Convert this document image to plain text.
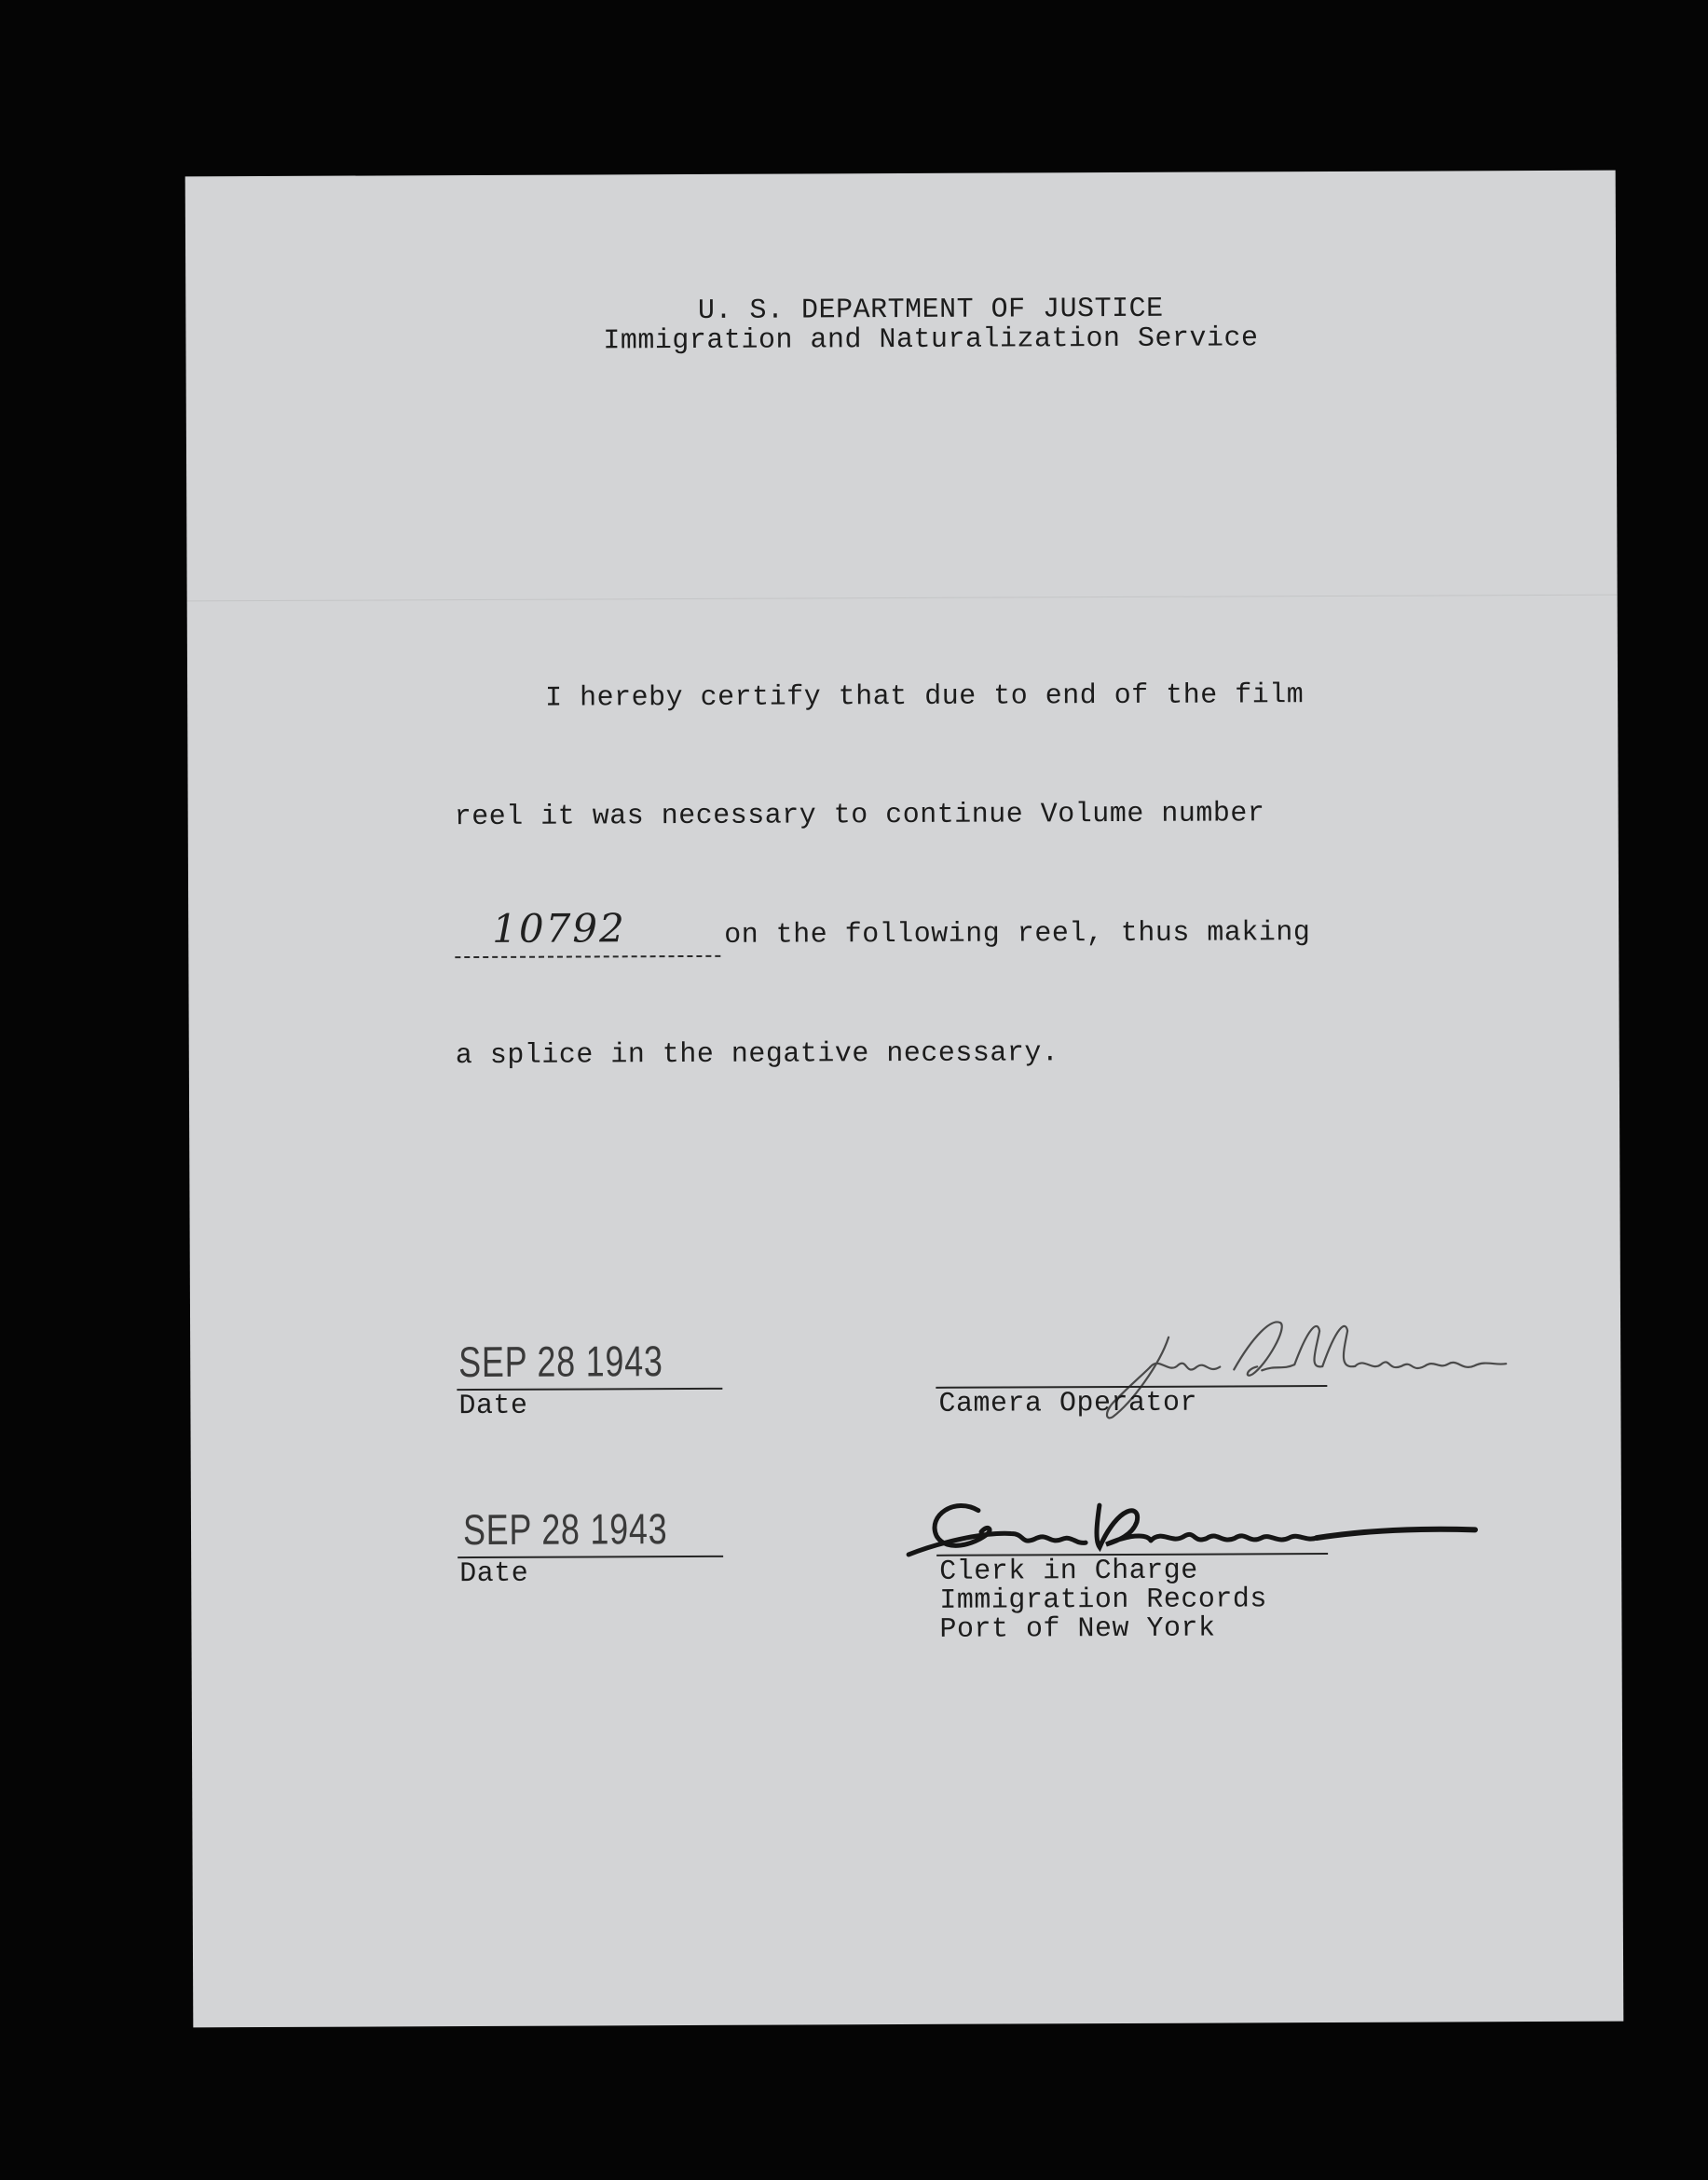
U. S. DEPARTMENT OF JUSTICE
Immigration and Naturalization Service
I hereby certify that due to end of the film
reel it was necessary to continue Volume number
10792	on the following reel, thus making
a splice in the negative necessary.
SEP 28 1943
Date	Camera Operator
SEP 28 1943
Date	Clerk in Charge
Immigration Records
Port of New York
